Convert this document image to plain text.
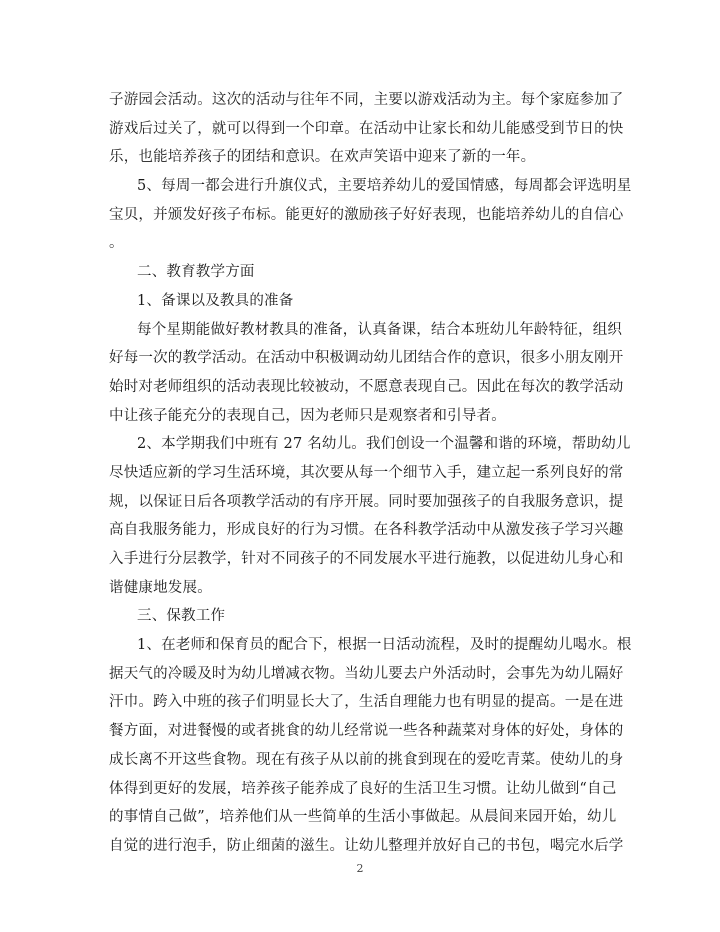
子游园会活动。这次的活动与往年不同，主要以游戏活动为主。每个家庭参加了
游戏后过关了，就可以得到一个印章。在活动中让家长和幼儿能感受到节日的快
乐，也能培养孩子的团结和意识。在欢声笑语中迎来了新的一年。
5、每周一都会进行升旗仪式，主要培养幼儿的爱国情感，每周都会评选明星
宝贝，并颁发好孩子布标。能更好的激励孩子好好表现，也能培养幼儿的自信心
。
二、教育教学方面
1、备课以及教具的准备
每个星期能做好教材教具的准备，认真备课，结合本班幼儿年龄特征，组织
好每一次的教学活动。在活动中积极调动幼儿团结合作的意识，很多小朋友刚开
始时对老师组织的活动表现比较被动，不愿意表现自己。因此在每次的教学活动
中让孩子能充分的表现自己，因为老师只是观察者和引导者。
2、本学期我们中班有 27 名幼儿。我们创设一个温馨和谐的环境，帮助幼儿
尽快适应新的学习生活环境，其次要从每一个细节入手，建立起一系列良好的常
规，以保证日后各项教学活动的有序开展。同时要加强孩子的自我服务意识，提
高自我服务能力，形成良好的行为习惯。在各科教学活动中从激发孩子学习兴趣
入手进行分层教学，针对不同孩子的不同发展水平进行施教，以促进幼儿身心和
谐健康地发展。
三、保教工作
1、在老师和保育员的配合下，根据一日活动流程，及时的提醒幼儿喝水。根
据天气的冷暖及时为幼儿增减衣物。当幼儿要去户外活动时，会事先为幼儿隔好
汗巾。跨入中班的孩子们明显长大了，生活自理能力也有明显的提高。一是在进
餐方面，对进餐慢的或者挑食的幼儿经常说一些各种蔬菜对身体的好处，身体的
成长离不开这些食物。现在有孩子从以前的挑食到现在的爱吃青菜。使幼儿的身
体得到更好的发展，培养孩子能养成了良好的生活卫生习惯。让幼儿做到“自己
的事情自己做”，培养他们从一些简单的生活小事做起。从晨间来园开始，幼儿
自觉的进行泡手，防止细菌的滋生。让幼儿整理并放好自己的书包，喝完水后学
2
